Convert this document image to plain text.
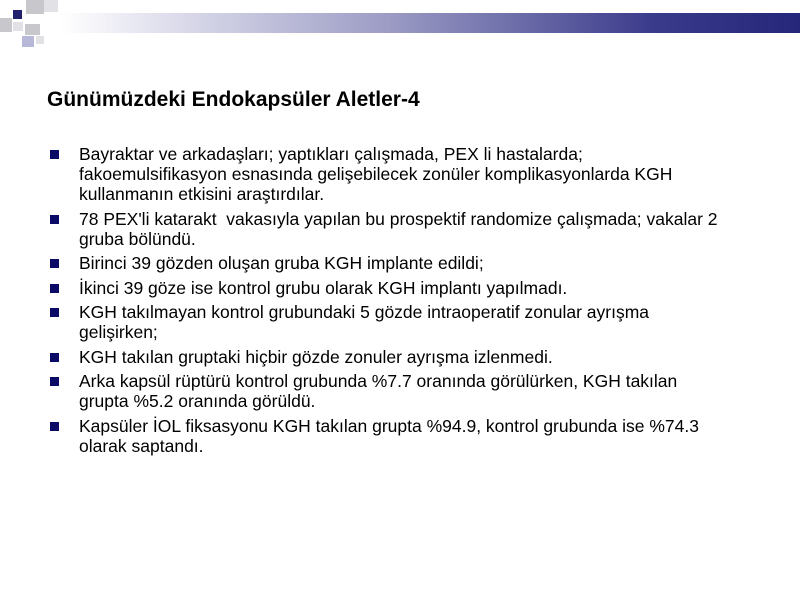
Günümüzdeki Endokapsüler Aletler-4
Bayraktar ve arkadaşları; yaptıkları çalışmada, PEX li hastalarda; fakoemulsifikasyon esnasında gelişebilecek zonüler komplikasyonlarda KGH kullanmanın etkisini araştırdılar.
78 PEX'li katarakt  vakasıyla yapılan bu prospektif randomize çalışmada; vakalar 2 gruba bölündü.
Birinci 39 gözden oluşan gruba KGH implante edildi;
İkinci 39 göze ise kontrol grubu olarak KGH implantı yapılmadı.
KGH takılmayan kontrol grubundaki 5 gözde intraoperatif zonular ayrışma gelişirken;
KGH takılan gruptaki hiçbir gözde zonuler ayrışma izlenmedi.
Arka kapsül rüptürü kontrol grubunda %7.7 oranında görülürken, KGH takılan grupta %5.2 oranında görüldü.
Kapsüler İOL fiksasyonu KGH takılan grupta %94.9, kontrol grubunda ise %74.3 olarak saptandı.
